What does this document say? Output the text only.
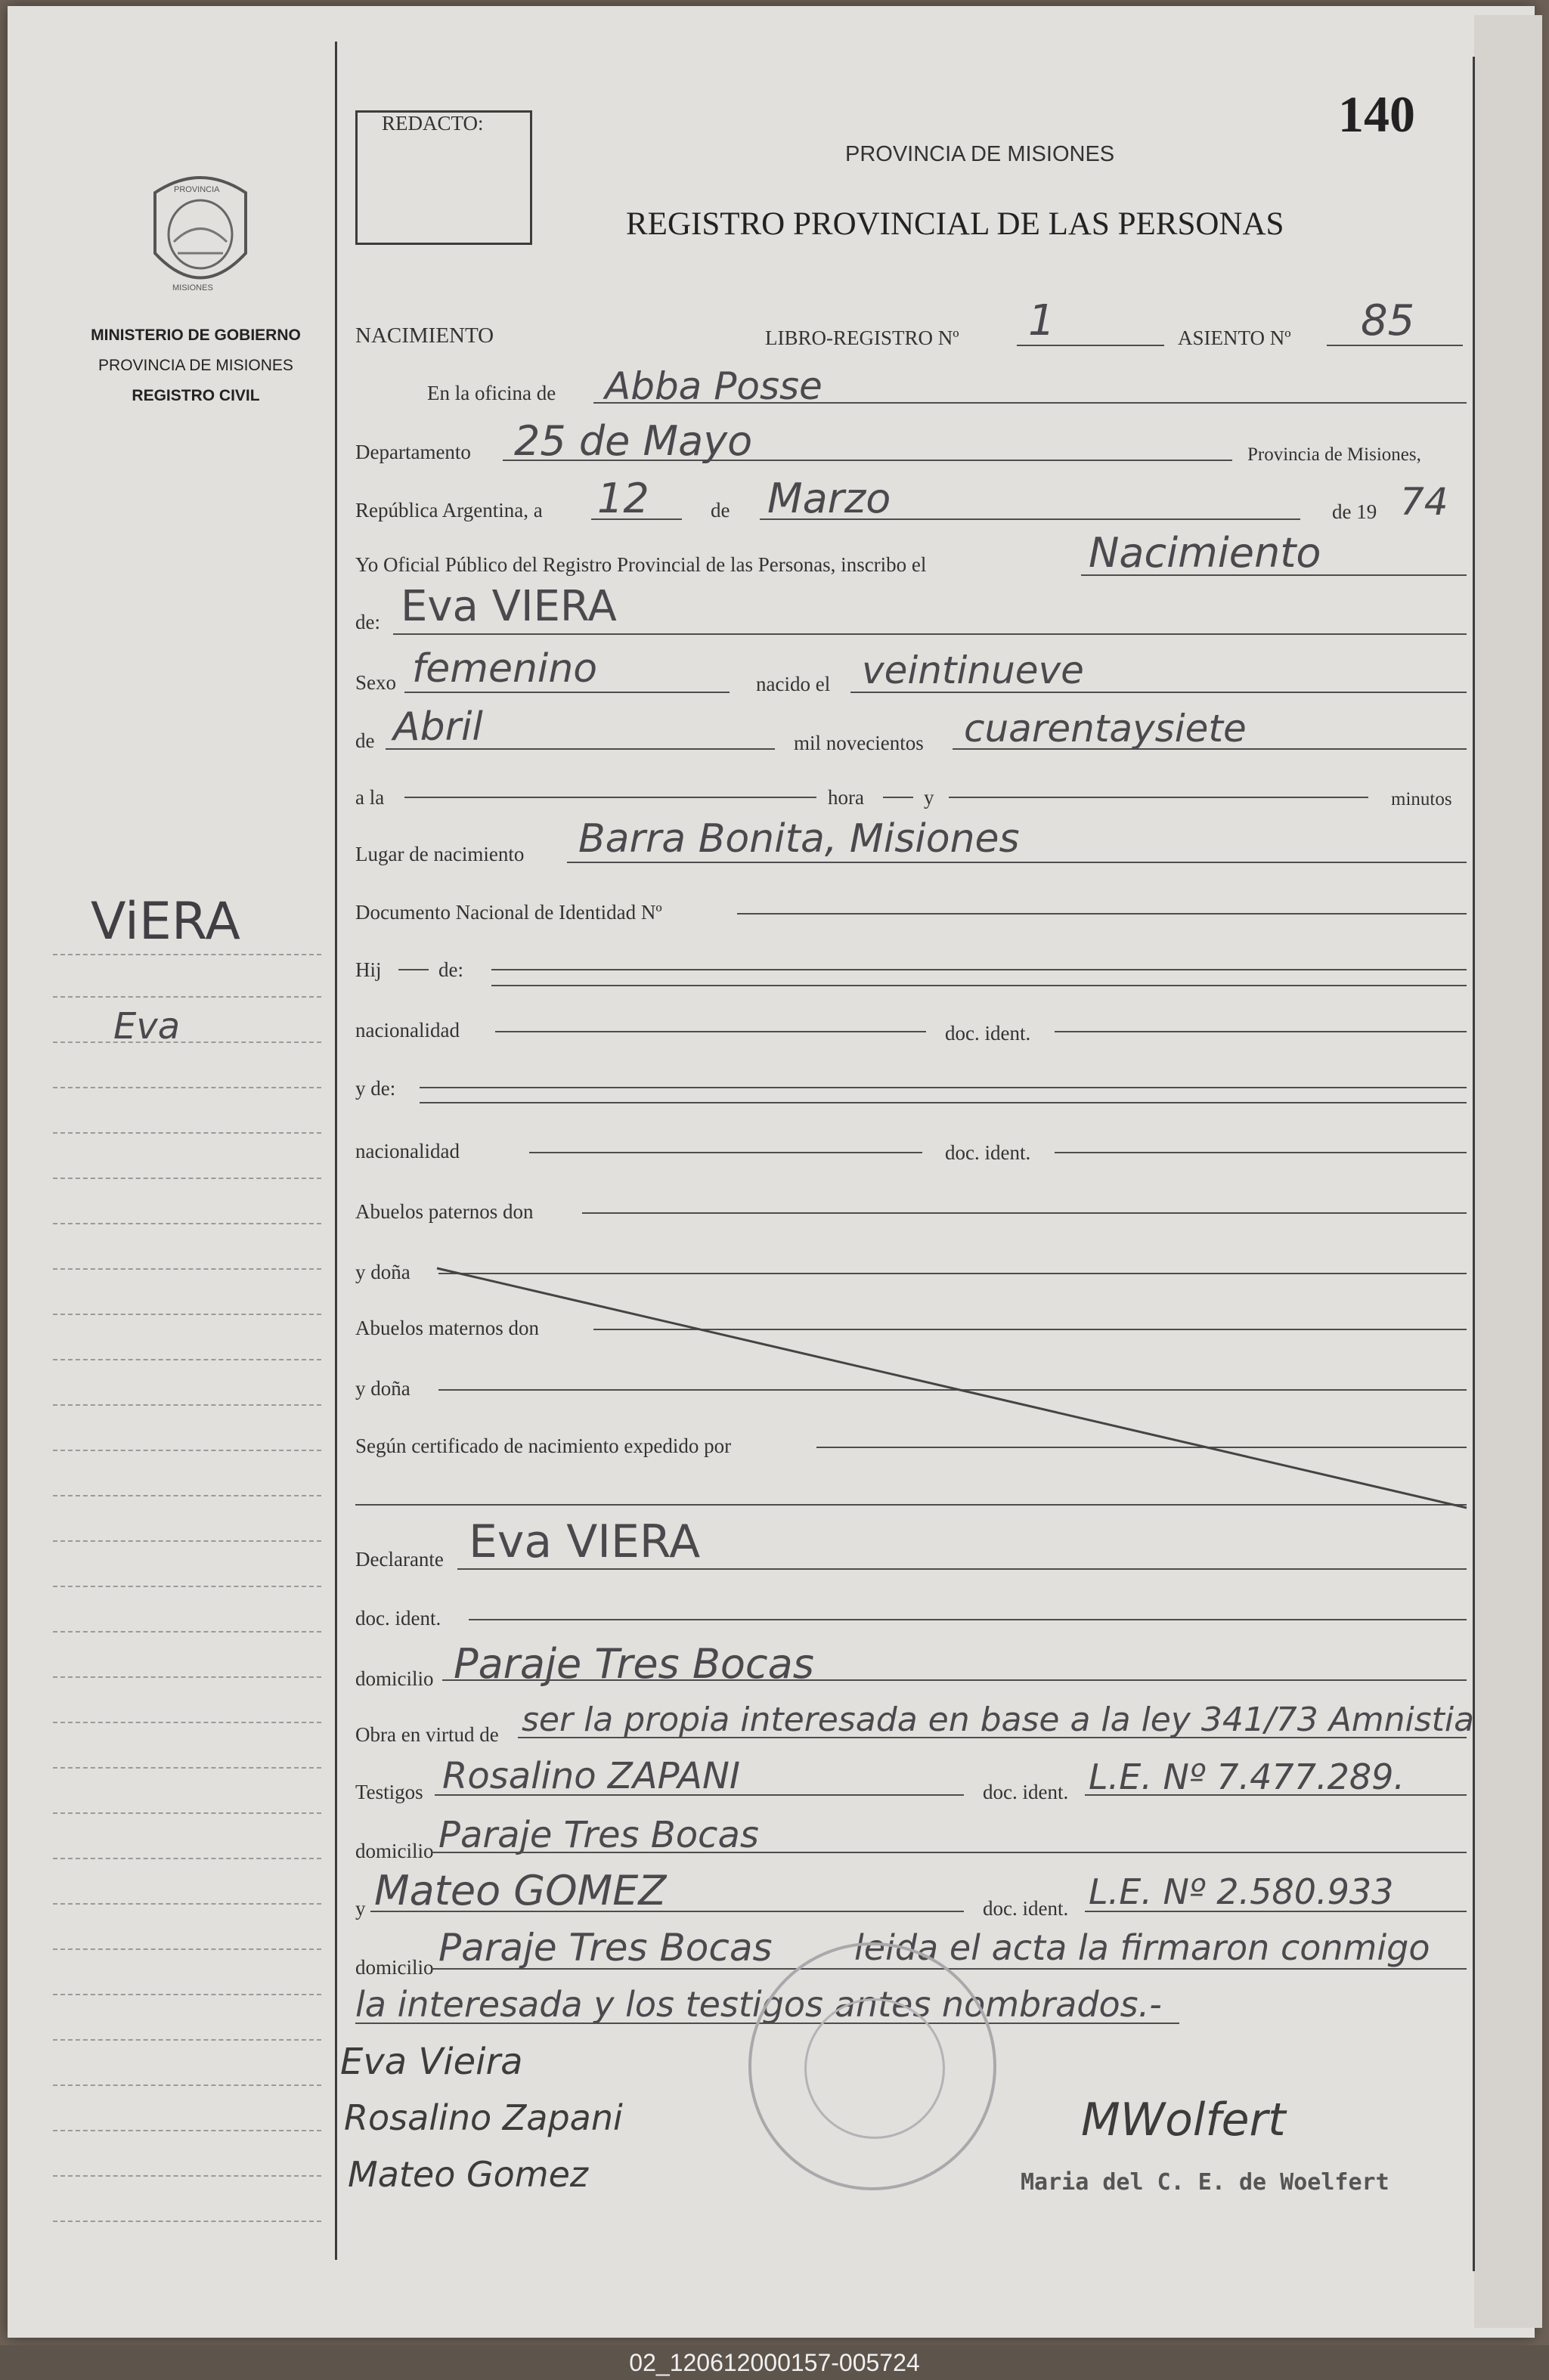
PROVINCIA
MISIONES
MINISTERIO DE GOBIERNO
PROVINCIA DE MISIONES
REGISTRO CIVIL
ViERA
Eva
REDACTO:	140
PROVINCIA DE MISIONES
REGISTRO PROVINCIAL DE LAS PERSONAS
NACIMIENTO	LIBRO-REGISTRO Nº 1	ASIENTO Nº 85
En la oficina de Abba Posse
Departamento 25 de Mayo	Provincia de Misiones,
República Argentina, a 12	de Marzo	de 19 74
Yo Oficial Público del Registro Provincial de las Personas, inscribo el	Nacimiento
de: Eva VIERA
Sexo femenino	nacido el veintinueve
de Abril	mil novecientos cuarentaysiete
a la	hora	y	minutos
Lugar de nacimiento Barra Bonita, Misiones
Documento Nacional de Identidad Nº
Hij	de:
nacionalidad	doc. ident.
y de:
nacionalidad	doc. ident.
Abuelos paternos don
y doña
Abuelos maternos don
y doña
Según certificado de nacimiento expedido por
Declarante Eva VIERA
doc. ident.
domicilio Paraje Tres Bocas
Obra en virtud de ser la propia interesada en base a la ley 341/73 Amnistia
Testigos Rosalino ZAPANI	doc. ident. L.E. Nº 7.477.289.
domicilio Paraje Tres Bocas
y Mateo GOMEZ	doc. ident. L.E. Nº 2.580.933
domicilio Paraje Tres Bocas leida el acta la firmaron conmigo
la interesada y los testigos antes nombrados.-
Eva Vieira
Rosalino Zapani
Mateo Gomez
MWolfert
Maria del C. E. de Woelfert
02_120612000157-005724
